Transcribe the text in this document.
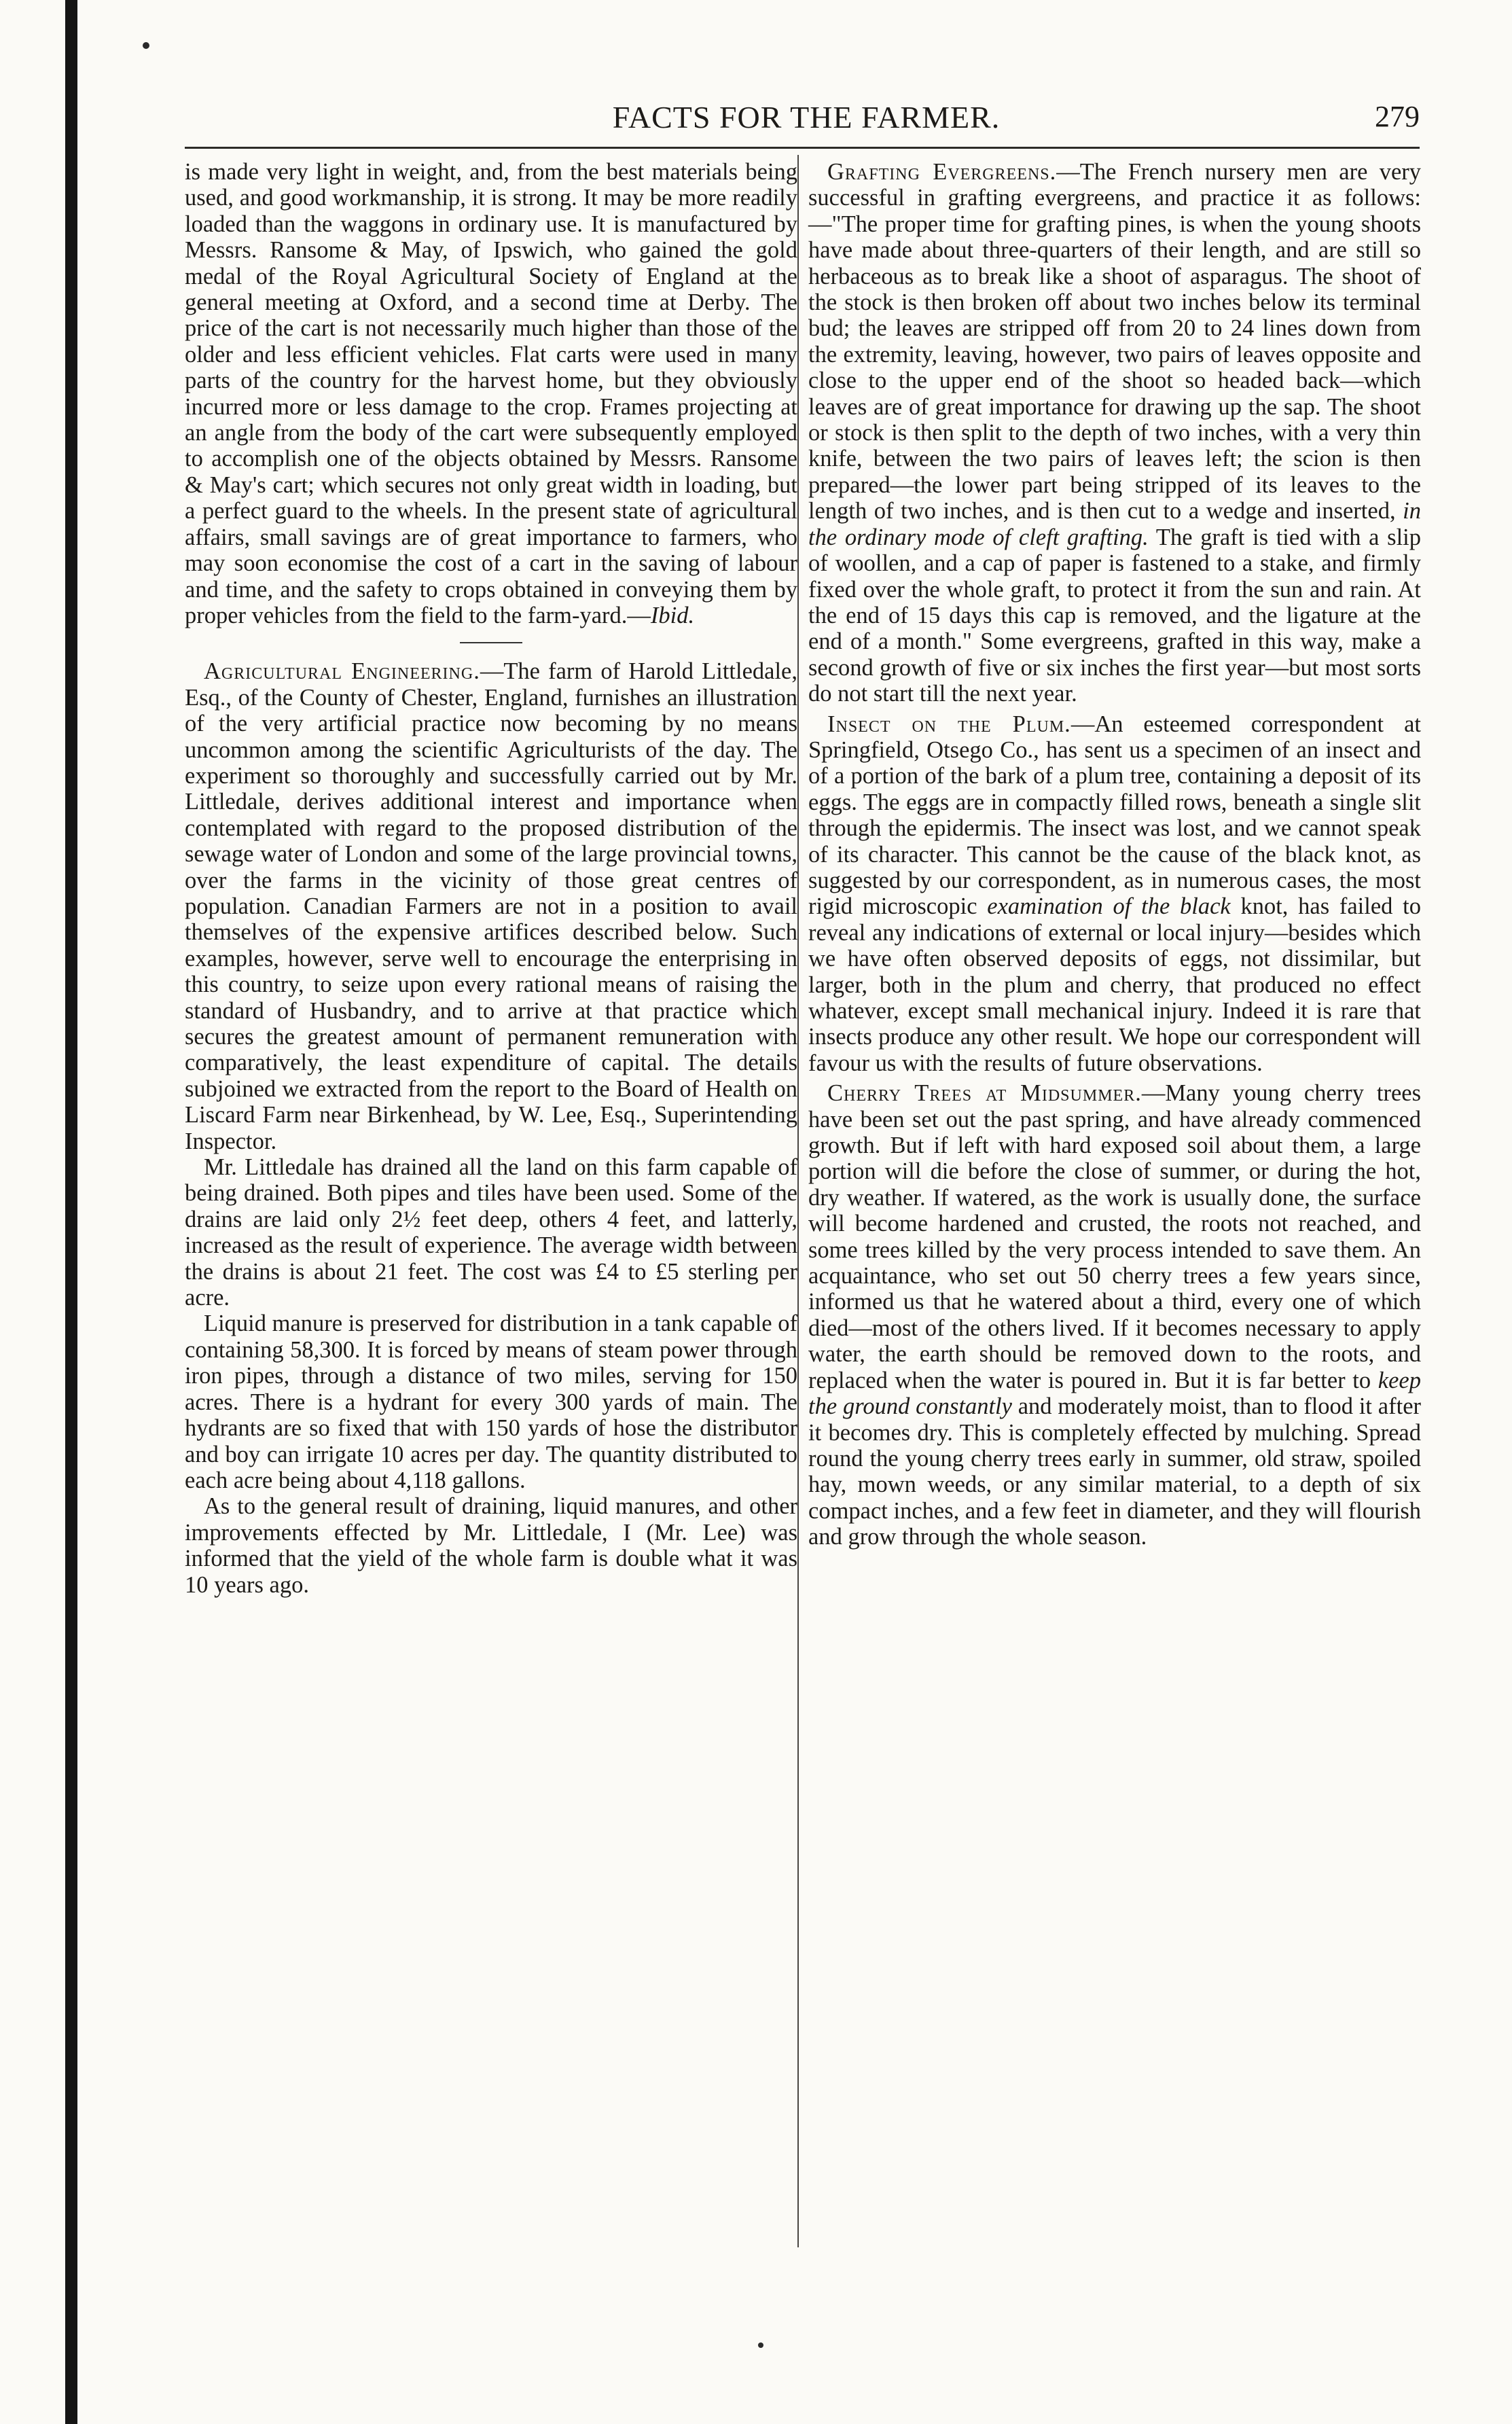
FACTS FOR THE FARMER.	279

is made very light in weight, and, from the best materials being used, and good workmanship, it is strong. It may be more readily loaded than the waggons in ordinary use. It is manufactured by Messrs. Ransome & May, of Ipswich, who gained the gold medal of the Royal Agricultural Society of England at the general meeting at Oxford, and a second time at Derby. The price of the cart is not necessarily much higher than those of the older and less efficient vehicles. Flat carts were used in many parts of the country for the harvest home, but they obviously incurred more or less damage to the crop. Frames projecting at an angle from the body of the cart were subsequently employed to accomplish one of the objects obtained by Messrs. Ransome & May's cart; which secures not only great width in loading, but a perfect guard to the wheels. In the present state of agricultural affairs, small savings are of great importance to farmers, who may soon economise the cost of a cart in the saving of labour and time, and the safety to crops obtained in conveying them by proper vehicles from the field to the farm-yard.—Ibid.

Agricultural Engineering.—The farm of Harold Littledale, Esq., of the County of Chester, England, furnishes an illustration of the very artificial practice now becoming by no means uncommon among the scientific Agriculturists of the day. The experiment so thoroughly and successfully carried out by Mr. Littledale, derives additional interest and importance when contemplated with regard to the proposed distribution of the sewage water of London and some of the large provincial towns, over the farms in the vicinity of those great centres of population. Canadian Farmers are not in a position to avail themselves of the expensive artifices described below. Such examples, however, serve well to encourage the enterprising in this country, to seize upon every rational means of raising the standard of Husbandry, and to arrive at that practice which secures the greatest amount of permanent remuneration with comparatively, the least expenditure of capital. The details subjoined we extracted from the report to the Board of Health on Liscard Farm near Birkenhead, by W. Lee, Esq., Superintending Inspector.

Mr. Littledale has drained all the land on this farm capable of being drained. Both pipes and tiles have been used. Some of the drains are laid only 2½ feet deep, others 4 feet, and latterly, increased as the result of experience. The average width between the drains is about 21 feet. The cost was £4 to £5 sterling per acre.

Liquid manure is preserved for distribution in a tank capable of containing 58,300. It is forced by means of steam power through iron pipes, through a distance of two miles, serving for 150 acres. There is a hydrant for every 300 yards of main. The hydrants are so fixed that with 150 yards of hose the distributor and boy can irrigate 10 acres per day. The quantity distributed to each acre being about 4,118 gallons.

As to the general result of draining, liquid manures, and other improvements effected by Mr. Littledale, I (Mr. Lee) was informed that the yield of the whole farm is double what it was 10 years ago.

Grafting Evergreens.—The French nursery men are very successful in grafting evergreens, and practice it as follows:—"The proper time for grafting pines, is when the young shoots have made about three-quarters of their length, and are still so herbaceous as to break like a shoot of asparagus. The shoot of the stock is then broken off about two inches below its terminal bud; the leaves are stripped off from 20 to 24 lines down from the extremity, leaving, however, two pairs of leaves opposite and close to the upper end of the shoot so headed back—which leaves are of great importance for drawing up the sap. The shoot or stock is then split to the depth of two inches, with a very thin knife, between the two pairs of leaves left; the scion is then prepared—the lower part being stripped of its leaves to the length of two inches, and is then cut to a wedge and inserted, in the ordinary mode of cleft grafting. The graft is tied with a slip of woollen, and a cap of paper is fastened to a stake, and firmly fixed over the whole graft, to protect it from the sun and rain. At the end of 15 days this cap is removed, and the ligature at the end of a month." Some evergreens, grafted in this way, make a second growth of five or six inches the first year—but most sorts do not start till the next year.

Insect on the Plum.—An esteemed correspondent at Springfield, Otsego Co., has sent us a specimen of an insect and of a portion of the bark of a plum tree, containing a deposit of its eggs. The eggs are in compactly filled rows, beneath a single slit through the epidermis. The insect was lost, and we cannot speak of its character. This cannot be the cause of the black knot, as suggested by our correspondent, as in numerous cases, the most rigid microscopic examination of the black knot, has failed to reveal any indications of external or local injury—besides which we have often observed deposits of eggs, not dissimilar, but larger, both in the plum and cherry, that produced no effect whatever, except small mechanical injury. Indeed it is rare that insects produce any other result. We hope our correspondent will favour us with the results of future observations.

Cherry Trees at Midsummer.—Many young cherry trees have been set out the past spring, and have already commenced growth. But if left with hard exposed soil about them, a large portion will die before the close of summer, or during the hot, dry weather. If watered, as the work is usually done, the surface will become hardened and crusted, the roots not reached, and some trees killed by the very process intended to save them. An acquaintance, who set out 50 cherry trees a few years since, informed us that he watered about a third, every one of which died—most of the others lived. If it becomes necessary to apply water, the earth should be removed down to the roots, and replaced when the water is poured in. But it is far better to keep the ground constantly and moderately moist, than to flood it after it becomes dry. This is completely effected by mulching. Spread round the young cherry trees early in summer, old straw, spoiled hay, mown weeds, or any similar material, to a depth of six compact inches, and a few feet in diameter, and they will flourish and grow through the whole season.
